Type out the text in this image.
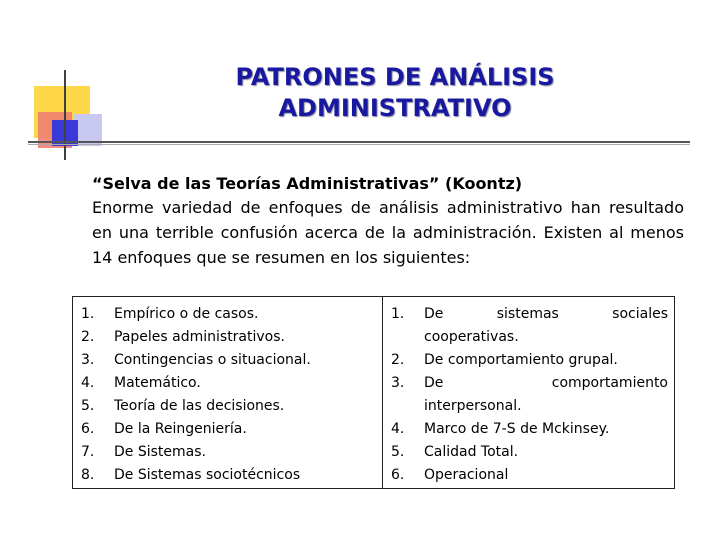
PATRONES DE ANÁLISIS
ADMINISTRATIVO
“Selva de las Teorías Administrativas” (Koontz)
Enorme variedad de enfoques de análisis administrativo han resultado en una terrible confusión acerca de la administración. Existen al menos 14 enfoques que se resumen en los siguientes:
1.	Empírico o de casos.
2.	Papeles administrativos.
3.	Contingencias o situacional.
4.	Matemático.
5.	Teoría de las decisiones.
6.	De la Reingeniería.
7.	De Sistemas.
8.	De Sistemas sociotécnicos
1.	De sistemas sociales
cooperativas.
2.	De comportamiento grupal.
3.	De comportamiento
interpersonal.
4.	Marco de 7-S de Mckinsey.
5.	Calidad Total.
6.	Operacional
